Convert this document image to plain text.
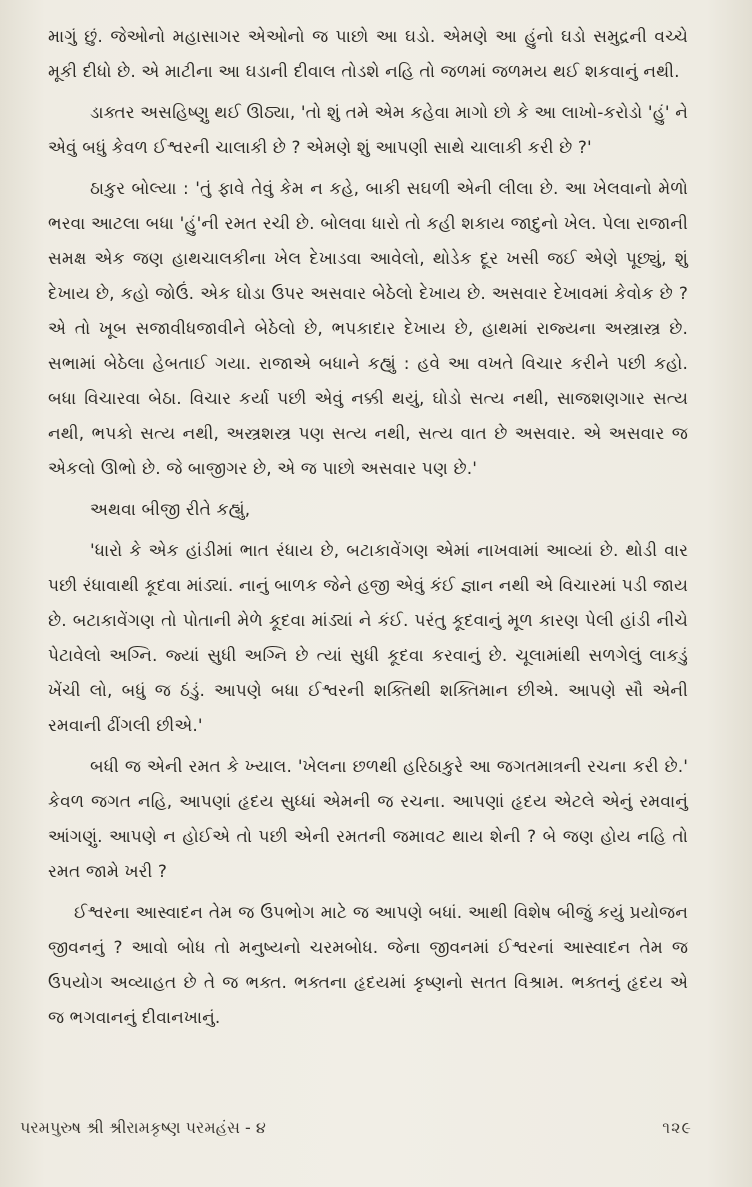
માગું છું. જેઓનો મહાસાગર એઓનો જ પાછો આ ઘડો. એમણે આ હુંનો ઘડો સમુદ્રની વચ્ચે મૂકી દીધો છે. એ માટીના આ ઘડાની દીવાલ તોડશે નહિ તો જળમાં જળમય થઈ શકવાનું નથી.

ડાક્તર અસહિષ્ણુ થઈ ઊઠ્યા, 'તો શું તમે એમ કહેવા માગો છો કે આ લાખો-કરોડો 'હું' ને એવું બધું કેવળ ઈશ્વરની ચાલાકી છે ? એમણે શું આપણી સાથે ચાલાકી કરી છે ?'

ઠાકુર બોલ્યા : 'તું ફાવે તેવું કેમ ન કહે, બાકી સઘળી એની લીલા છે. આ ખેલવાનો મેળો ભરવા આટલા બધા 'હું'ની રમત રચી છે. બોલવા ધારો તો કહી શકાય જાદુનો ખેલ. પેલા રાજાની સમક્ષ એક જણ હાથચાલકીના ખેલ દેખાડવા આવેલો, થોડેક દૂર ખસી જઈ એણે પૂછ્યું, શું દેખાય છે, કહો જોઉં. એક ઘોડા ઉપર અસવાર બેઠેલો દેખાય છે. અસવાર દેખાવમાં કેવોક છે ? એ તો ખૂબ સજાવીધજાવીને બેઠેલો છે, ભપકાદાર દેખાય છે, હાથમાં રાજ્યના અસ્ત્રાસ્ત્ર છે. સભામાં બેઠેલા હેબતાઈ ગયા. રાજાએ બધાને કહ્યું : હવે આ વખતે વિચાર કરીને પછી કહો. બધા વિચારવા બેઠા. વિચાર કર્યા પછી એવું નક્કી થયું, ઘોડો સત્ય નથી, સાજશણગાર સત્ય નથી, ભપકો સત્ય નથી, અસ્ત્રશસ્ત્ર પણ સત્ય નથી, સત્ય વાત છે અસવાર. એ અસવાર જ એકલો ઊભો છે. જે બાજીગર છે, એ જ પાછો અસવાર પણ છે.'

અથવા બીજી રીતે કહ્યું,

'ધારો કે એક હાંડીમાં ભાત રંધાય છે, બટાકાવેંગણ એમાં નાખવામાં આવ્યાં છે. થોડી વાર પછી રંધાવાથી કૂદવા માંડ્યાં. નાનું બાળક જેને હજી એવું કંઈ જ્ઞાન નથી એ વિચારમાં પડી જાય છે. બટાકાવેંગણ તો પોતાની મેળે કૂદવા માંડ્યાં ને કંઈ. પરંતુ કૂદવાનું મૂળ કારણ પેલી હાંડી નીચે પેટાવેલો અગ્નિ. જ્યાં સુધી અગ્નિ છે ત્યાં સુધી કૂદવા કરવાનું છે. ચૂલામાંથી સળગેલું લાકડું ખેંચી લો, બધું જ ઠંડું. આપણે બધા ઈશ્વરની શક્તિથી શક્તિમાન છીએ. આપણે સૌ એની રમવાની ઢીંગલી છીએ.'

બધી જ એની રમત કે ખ્યાલ. 'ખેલના છળથી હરિઠાકુરે આ જગતમાત્રની રચના કરી છે.' કેવળ જગત નહિ, આપણાં હૃદય સુધ્ધાં એમની જ રચના. આપણાં હૃદય એટલે એનું રમવાનું આંગણું. આપણે ન હોઈએ તો પછી એની રમતની જમાવટ થાય શેની ? બે જણ હોય નહિ તો રમત જામે ખરી ?

ઈશ્વરના આસ્વાદન તેમ જ ઉપભોગ માટે જ આપણે બધાં. આથી વિશેષ બીજું કયું પ્રયોજન જીવનનું ? આવો બોધ તો મનુષ્યનો ચરમબોધ. જેના જીવનમાં ઈશ્વરનાં આસ્વાદન તેમ જ ઉપયોગ અવ્યાહત છે તે જ ભક્ત. ભક્તના હૃદયમાં કૃષ્ણનો સતત વિશ્રામ. ભક્તનું હૃદય એ જ ભગવાનનું દીવાનખાનું.

પરમપુરુષ શ્રી શ્રીરામકૃષ્ણ પરમહંસ - ૪	૧૨૯
